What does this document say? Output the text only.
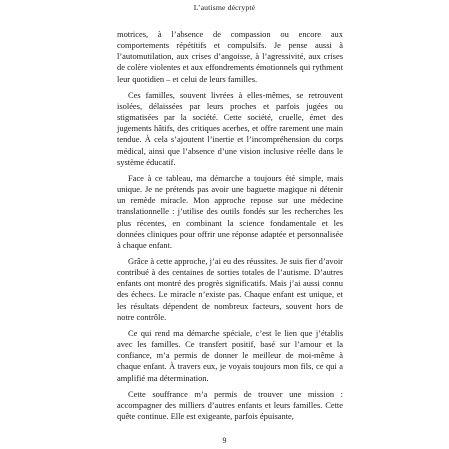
L’autisme décrypté

motrices, à l’absence de compassion ou encore aux comportements répétitifs et compulsifs. Je pense aussi à l’automutilation, aux crises d’angoisse, à l’agressivité, aux crises de colère violentes et aux effondrements émotionnels qui rythment leur quotidien – et celui de leurs familles.

Ces familles, souvent livrées à elles-mêmes, se retrouvent isolées, délaissées par leurs proches et parfois jugées ou stigmatisées par la société. Cette société, cruelle, émet des jugements hâtifs, des critiques acerbes, et offre rarement une main tendue. À cela s’ajoutent l’inertie et l’incompréhension du corps médical, ainsi que l’absence d’une vision inclusive réelle dans le système éducatif.

Face à ce tableau, ma démarche a toujours été simple, mais unique. Je ne prétends pas avoir une baguette magique ni détenir un remède miracle. Mon approche repose sur une médecine translationnelle : j’utilise des outils fondés sur les recherches les plus récentes, en combinant la science fondamentale et les données cliniques pour offrir une réponse adaptée et personnalisée à chaque enfant.

Grâce à cette approche, j’ai eu des réussites. Je suis fier d’avoir contribué à des centaines de sorties totales de l’autisme. D’autres enfants ont montré des progrès significatifs. Mais j’ai aussi connu des échecs. Le miracle n’existe pas. Chaque enfant est unique, et les résultats dépendent de nombreux facteurs, souvent hors de notre contrôle.

Ce qui rend ma démarche spéciale, c’est le lien que j’établis avec les familles. Ce transfert positif, basé sur l’amour et la confiance, m’a permis de donner le meilleur de moi-même à chaque enfant. À travers eux, je voyais toujours mon fils, ce qui a amplifié ma détermination.

Cette souffrance m’a permis de trouver une mission : accompagner des milliers d’autres enfants et leurs familles. Cette quête continue. Elle est exigeante, parfois épuisante,

9
